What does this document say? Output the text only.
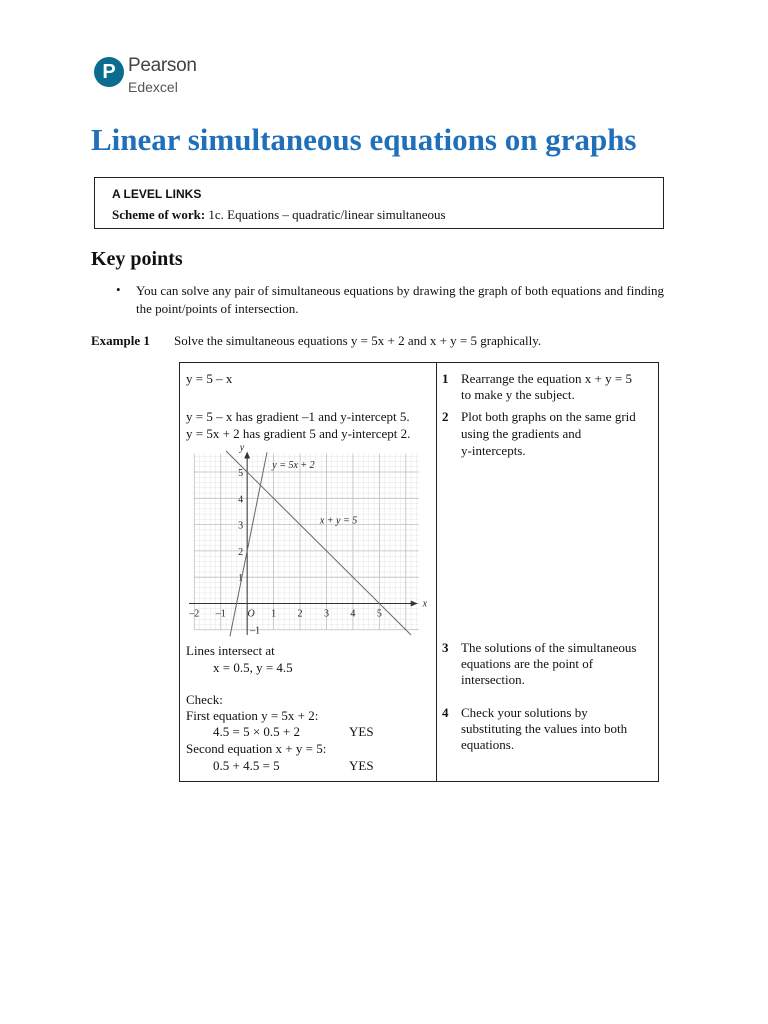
P Pearson
Edexcel
Linear simultaneous equations on graphs
A LEVEL LINKS
Scheme of work: 1c. Equations – quadratic/linear simultaneous
Key points
• You can solve any pair of simultaneous equations by drawing the graph of both equations and finding the point/points of intersection.
Example 1 Solve the simultaneous equations y = 5x + 2 and x + y = 5 graphically.
y = 5 – x
y = 5 – x has gradient –1 and y-intercept 5.
y = 5x + 2 has gradient 5 and y-intercept 2.
x
y
–2 –1 O 1 2 3 4 5
–1
1
2
3
4
5
y = 5x + 2
x + y = 5
Lines intersect at
x = 0.5, y = 4.5
Check:
First equation y = 5x + 2:
4.5 = 5 × 0.5 + 2	YES
Second equation x + y = 5:
0.5 + 4.5 = 5	YES
1 Rearrange the equation x + y = 5
to make y the subject.
2 Plot both graphs on the same grid
using the gradients and
y-intercepts.
3 The solutions of the simultaneous
equations are the point of
intersection.
4 Check your solutions by
substituting the values into both
equations.
